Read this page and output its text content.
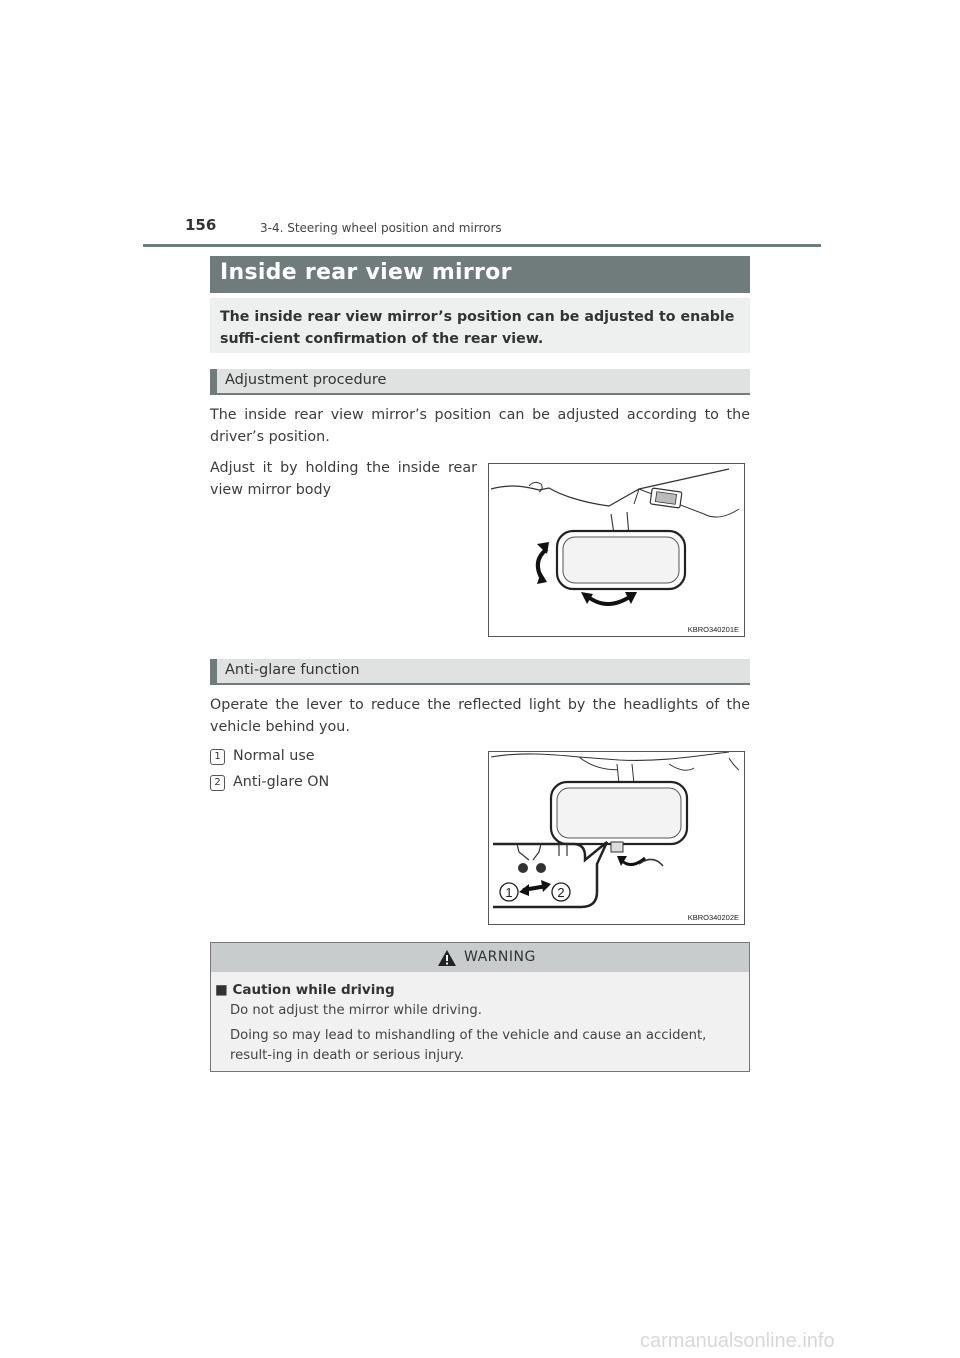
156	3-4. Steering wheel position and mirrors
Inside rear view mirror
The inside rear view mirror’s position can be adjusted to enable suffi-cient confirmation of the rear view.
Adjustment procedure
The inside rear view mirror’s position can be adjusted according to the driver’s position.
Adjust it by holding the inside rear view mirror body
KBRO340201E
Anti-glare function
Operate the lever to reduce the reflected light by the headlights of the vehicle behind you.
1 Normal use
2 Anti-glare ON
1	2
KBRO340202E
WARNING
■ Caution while driving
Do not adjust the mirror while driving.
Doing so may lead to mishandling of the vehicle and cause an accident, result-ing in death or serious injury.
carmanualsonline.info
